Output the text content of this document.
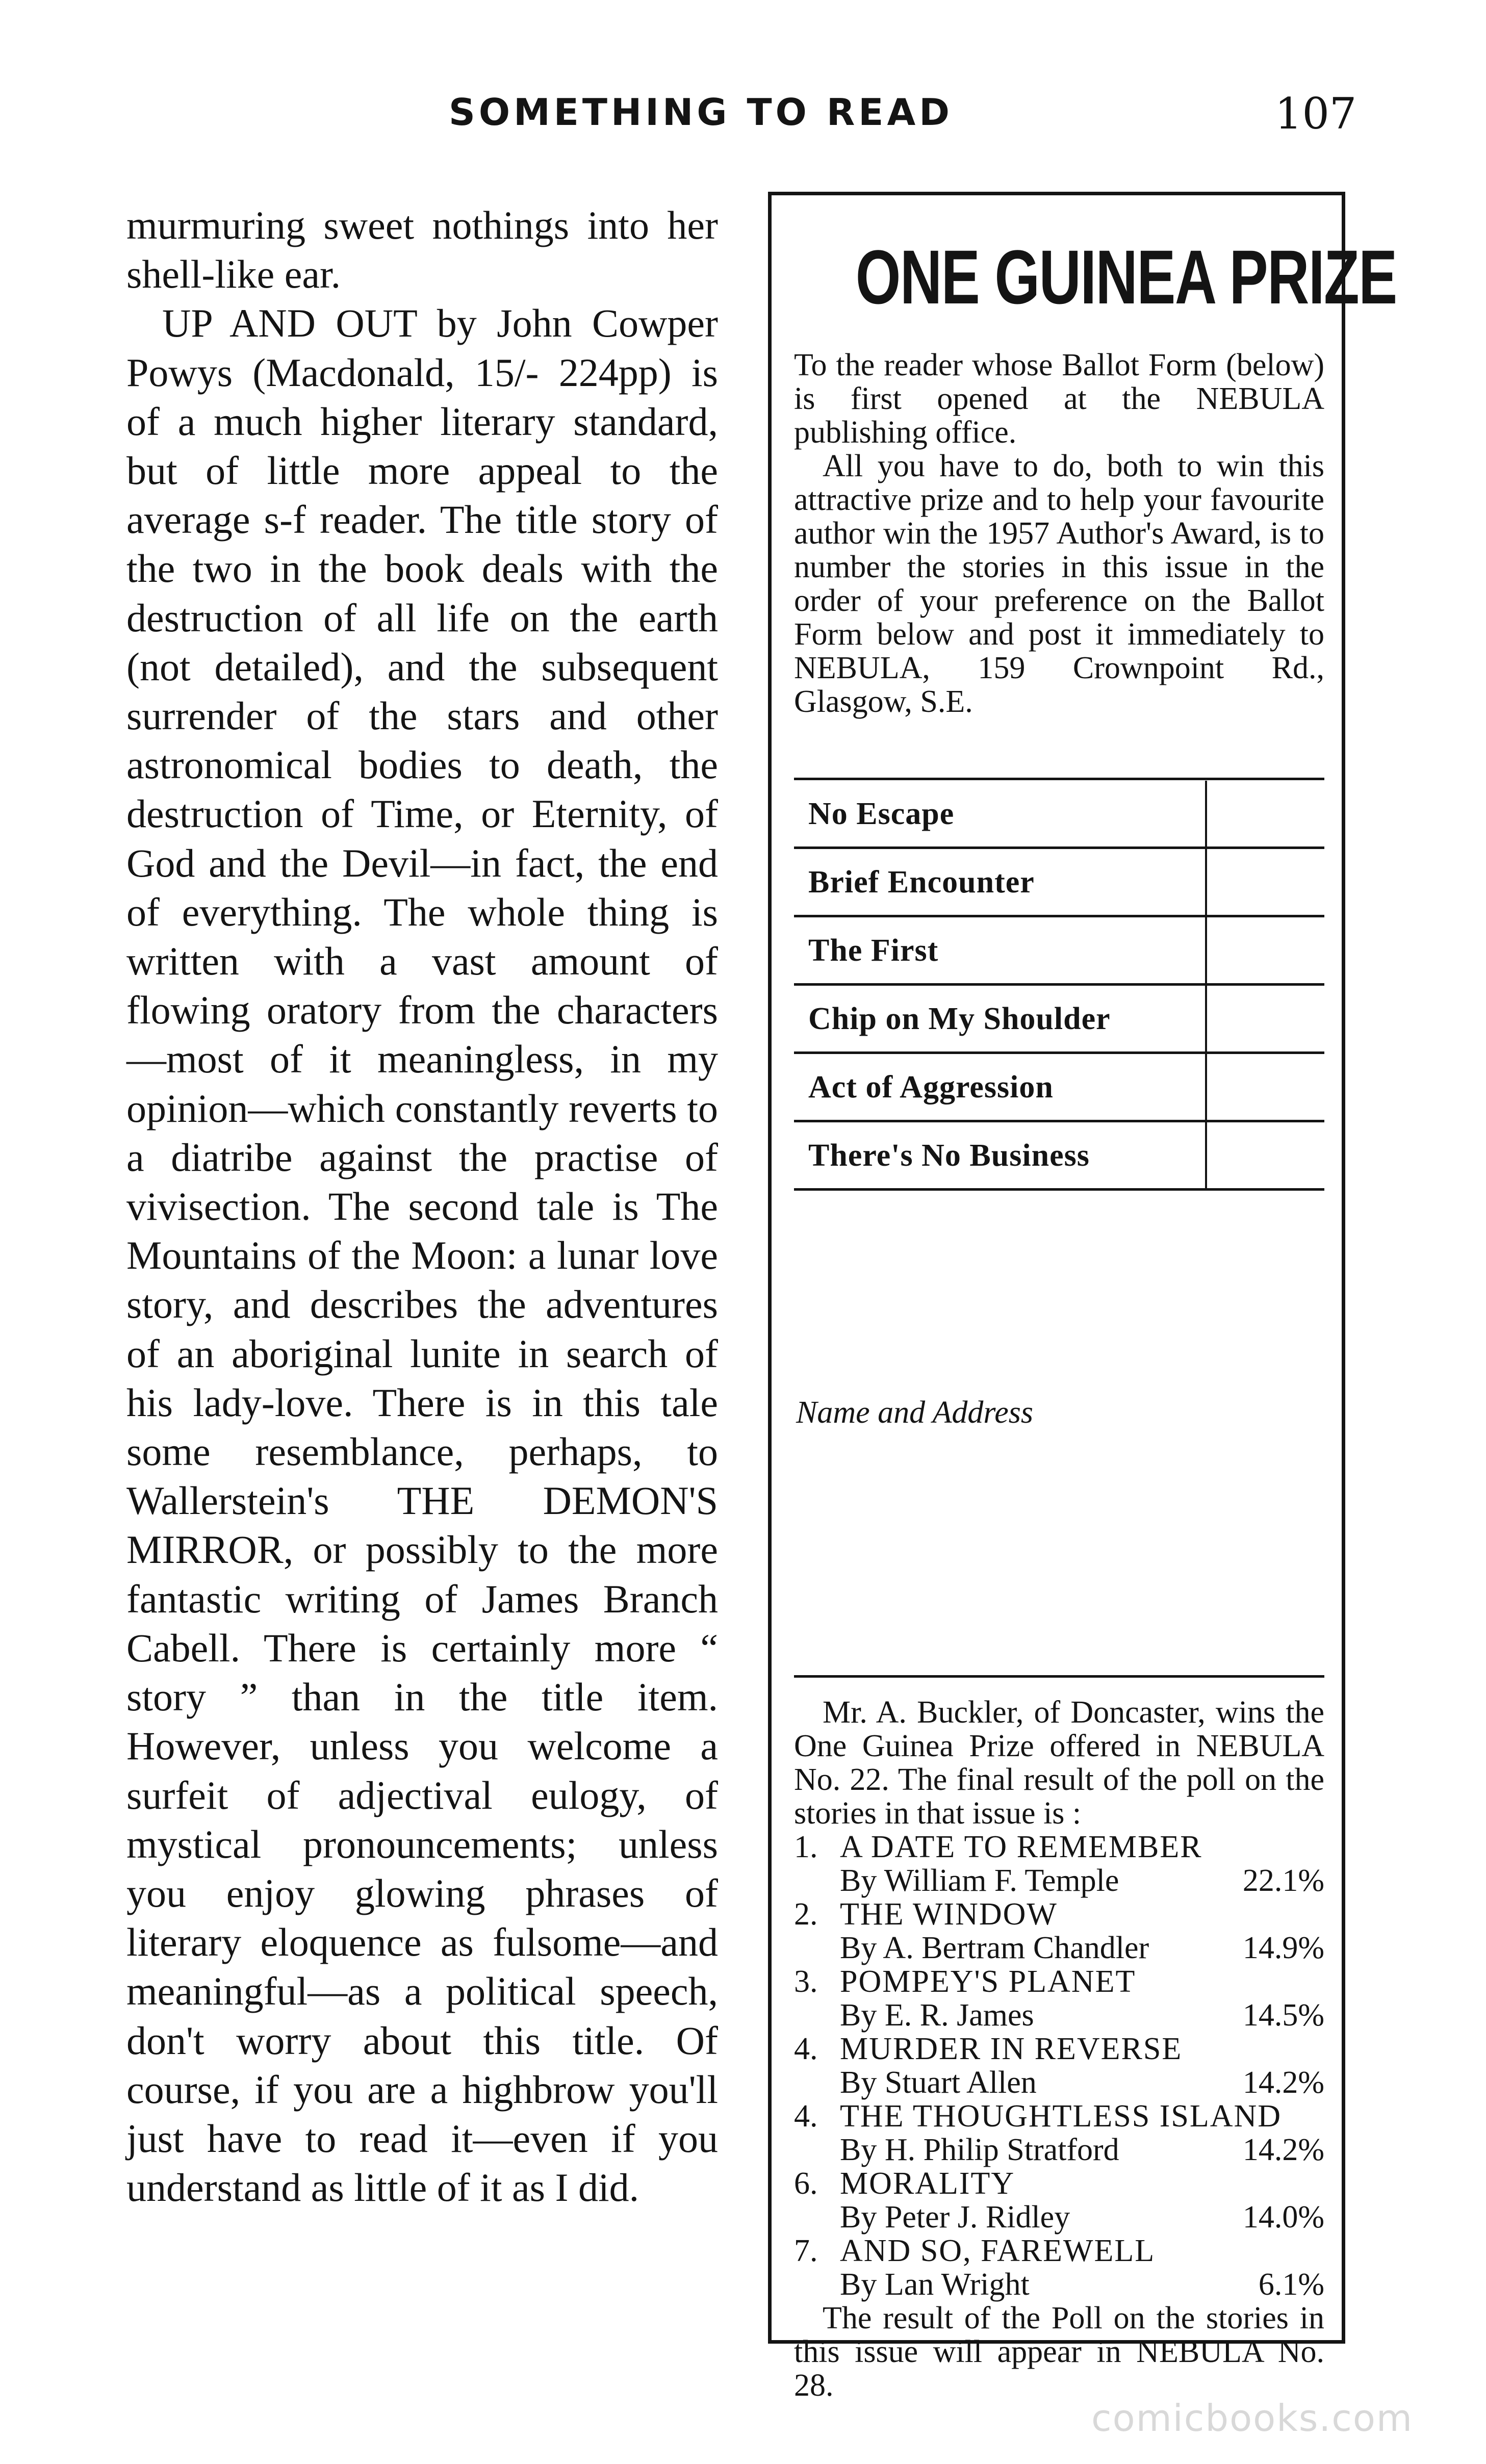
SOMETHING TO READ	107

murmuring sweet nothings into her shell-like ear.

UP AND OUT by John Cowper Powys (Macdonald, 15/- 224pp) is of a much higher literary standard, but of little more appeal to the average s-f reader. The title story of the two in the book deals with the destruction of all life on the earth (not detailed), and the subsequent surrender of the stars and other astronomical bodies to death, the destruction of Time, or Eternity, of God and the Devil—in fact, the end of everything. The whole thing is written with a vast amount of flowing oratory from the characters—most of it meaningless, in my opinion—which constantly reverts to a diatribe against the practise of vivisection. The second tale is The Mountains of the Moon: a lunar love story, and describes the adventures of an aboriginal lunite in search of his lady-love. There is in this tale some resemblance, perhaps, to Wallerstein's THE DEMON'S MIRROR, or possibly to the more fantastic writing of James Branch Cabell. There is certainly more “ story ” than in the title item. However, unless you welcome a surfeit of adjectival eulogy, of mystical pronouncements; unless you enjoy glowing phrases of literary eloquence as fulsome—and meaningful—as a political speech, don't worry about this title. Of course, if you are a highbrow you'll just have to read it—even if you understand as little of it as I did.

ONE GUINEA PRIZE

To the reader whose Ballot Form (below) is first opened at the NEBULA publishing office.

All you have to do, both to win this attractive prize and to help your favourite author win the 1957 Author's Award, is to number the stories in this issue in the order of your preference on the Ballot Form below and post it immediately to NEBULA, 159 Crownpoint Rd., Glasgow, S.E.

No Escape
Brief Encounter
The First
Chip on My Shoulder
Act of Aggression
There's No Business
Name and Address

Mr. A. Buckler, of Doncaster, wins the One Guinea Prize offered in NEBULA No. 22. The final result of the poll on the stories in that issue is :

1. A DATE TO REMEMBER
By William F. Temple	22.1%
2. THE WINDOW
By A. Bertram Chandler	14.9%
3. POMPEY'S PLANET
By E. R. James	14.5%
4. MURDER IN REVERSE
By Stuart Allen	14.2%
4. THE THOUGHTLESS ISLAND
By H. Philip Stratford	14.2%
6. MORALITY
By Peter J. Ridley	14.0%
7. AND SO, FAREWELL
By Lan Wright	6.1%

The result of the Poll on the stories in this issue will appear in NEBULA No. 28.

comicbooks.com
